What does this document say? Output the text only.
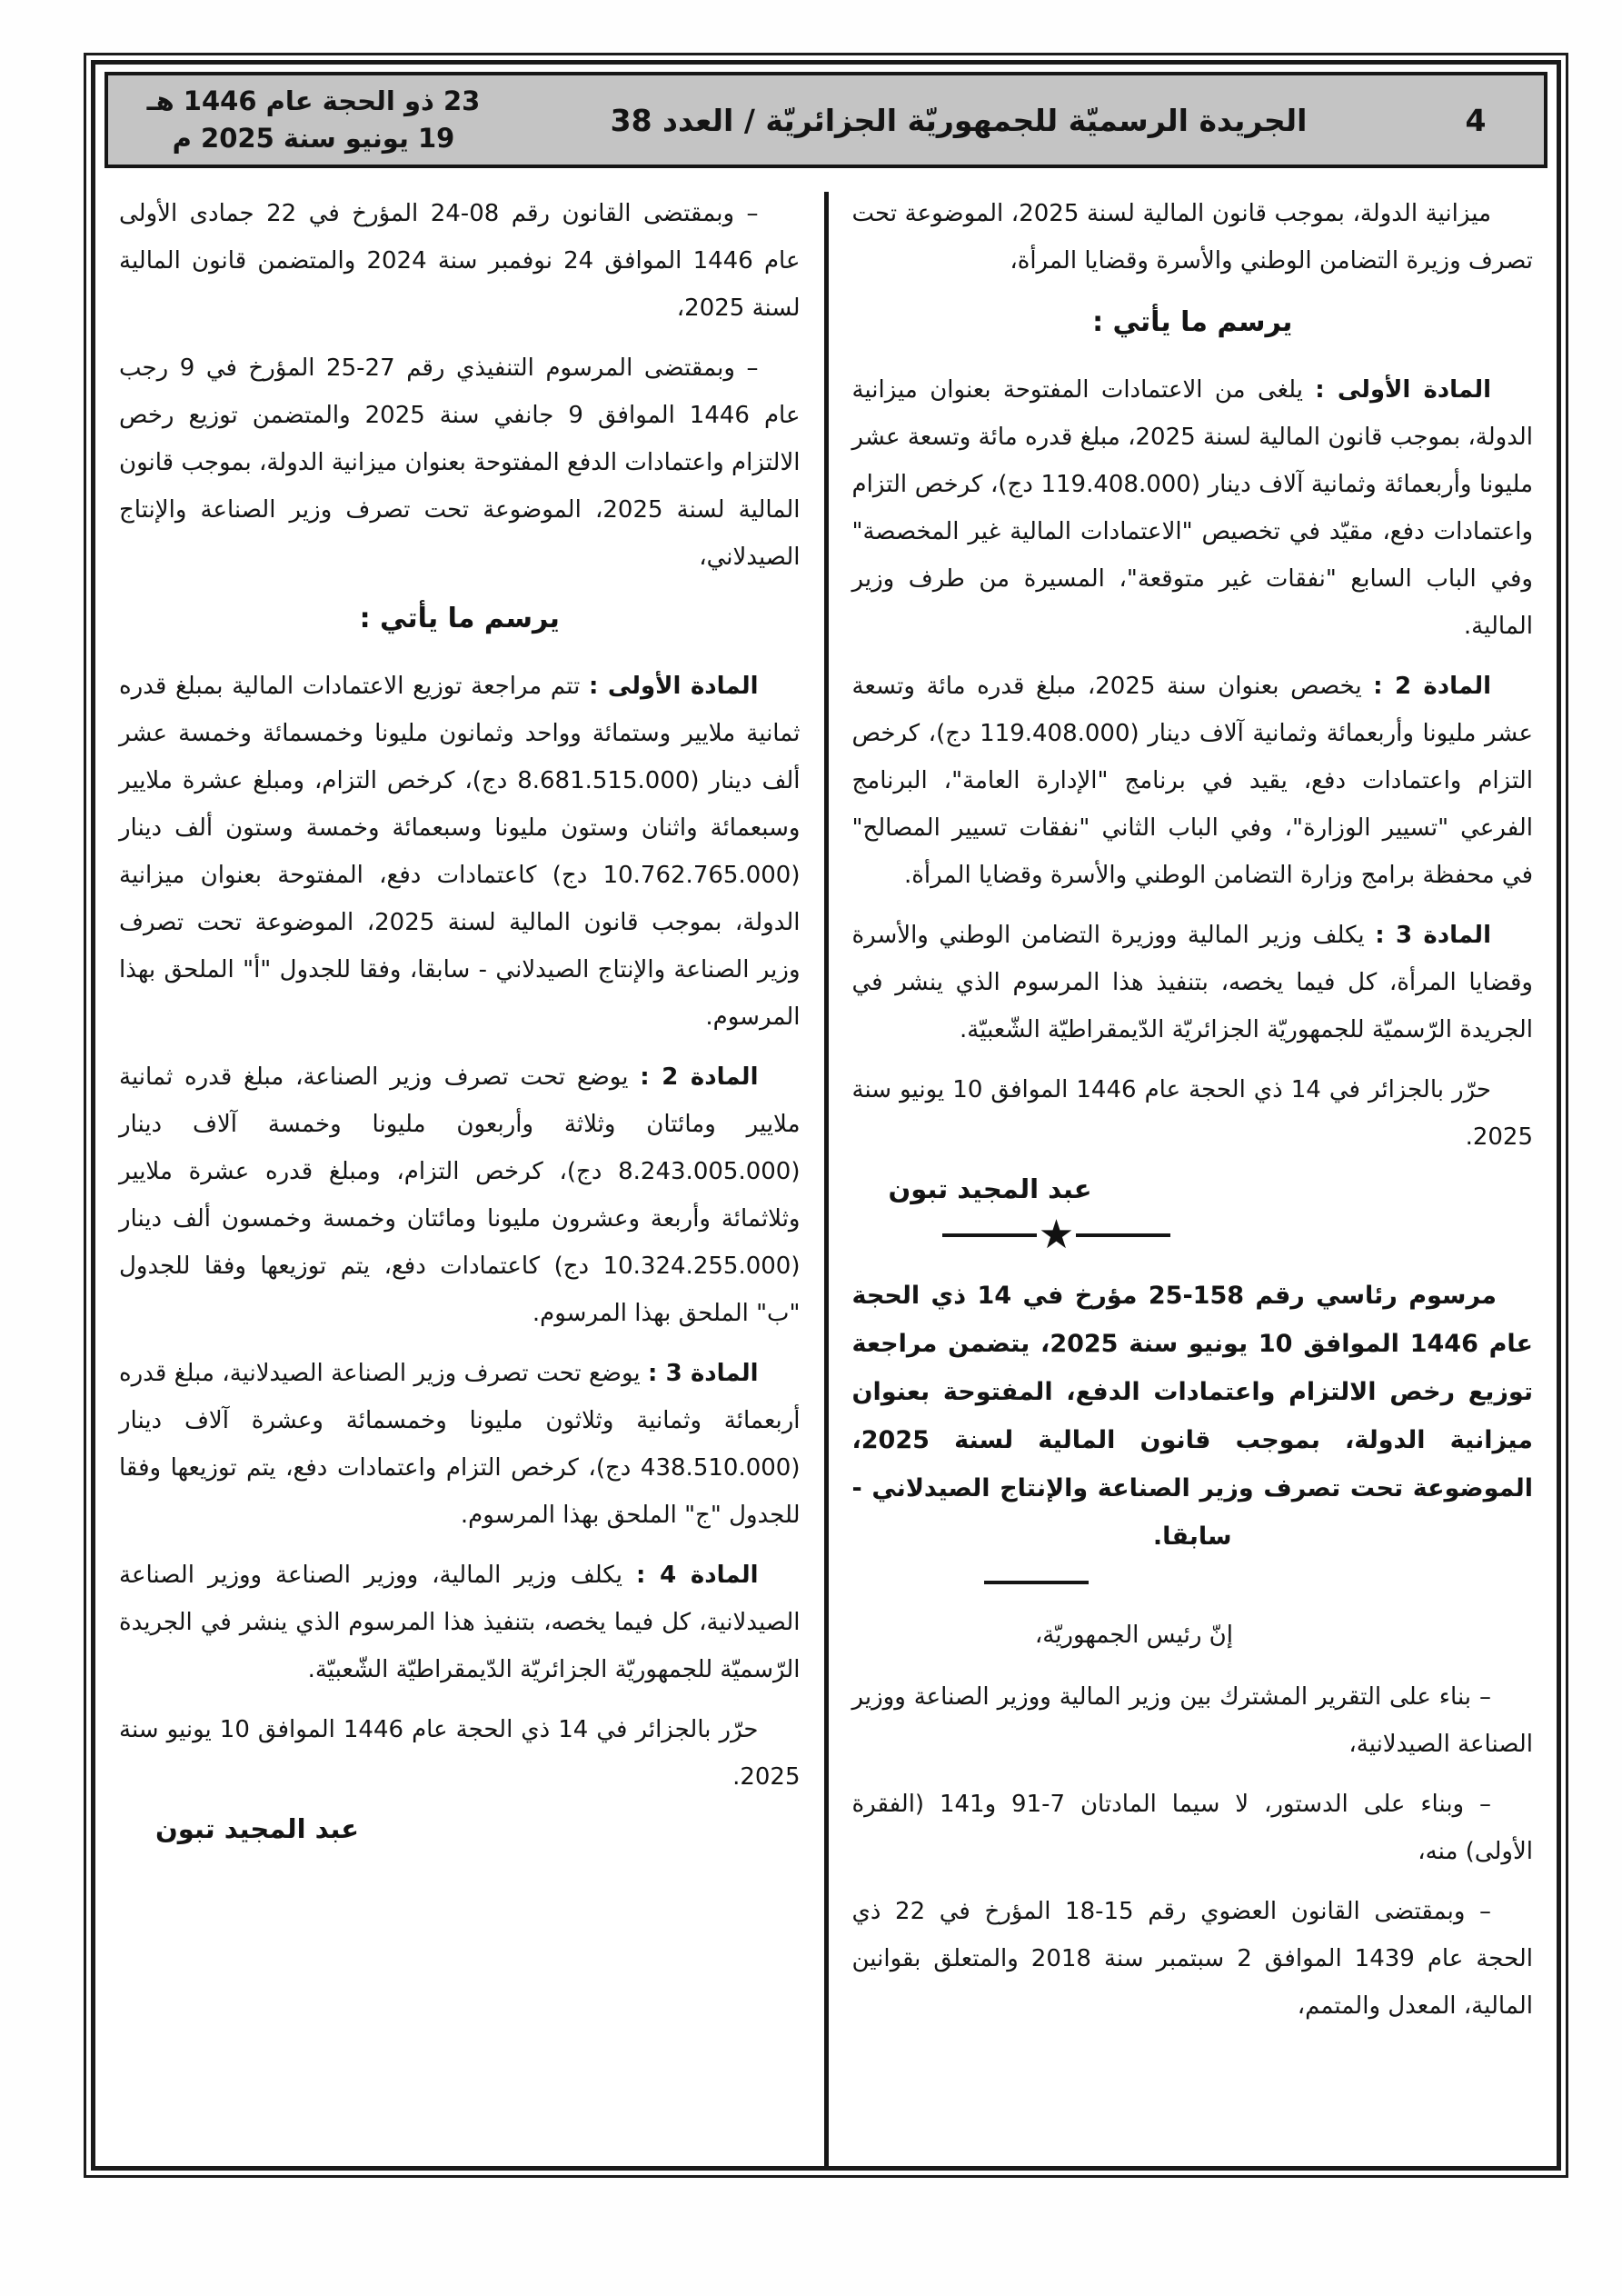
4
الجريدة الرسميّة للجمهوريّة الجزائريّة / العدد 38
23 ذو الحجة عام 1446 هـ
19 يونيو سنة 2025 م

ميزانية الدولة، بموجب قانون المالية لسنة 2025، الموضوعة تحت تصرف وزيرة التضامن الوطني والأسرة وقضايا المرأة،

يرسم ما يأتي :

المادة الأولى : يلغى من الاعتمادات المفتوحة بعنوان ميزانية الدولة، بموجب قانون المالية لسنة 2025، مبلغ قدره مائة وتسعة عشر مليونا وأربعمائة وثمانية آلاف دينار (119.408.000 دج)، كرخص التزام واعتمادات دفع، مقيّد في تخصيص "الاعتمادات المالية غير المخصصة" وفي الباب السابع "نفقات غير متوقعة"، المسيرة من طرف وزير المالية.

المادة 2 : يخصص بعنوان سنة 2025، مبلغ قدره مائة وتسعة عشر مليونا وأربعمائة وثمانية آلاف دينار (119.408.000 دج)، كرخص التزام واعتمادات دفع، يقيد في برنامج "الإدارة العامة"، البرنامج الفرعي "تسيير الوزارة"، وفي الباب الثاني "نفقات تسيير المصالح" في محفظة برامج وزارة التضامن الوطني والأسرة وقضايا المرأة.

المادة 3 : يكلف وزير المالية ووزيرة التضامن الوطني والأسرة وقضايا المرأة، كل فيما يخصه، بتنفيذ هذا المرسوم الذي ينشر في الجريدة الرّسميّة للجمهوريّة الجزائريّة الدّيمقراطيّة الشّعبيّة.

حرّر بالجزائر في 14 ذي الحجة عام 1446 الموافق 10 يونيو سنة 2025.

عبد المجيد تبون

★

مرسوم رئاسي رقم 158-25 مؤرخ في 14 ذي الحجة عام 1446 الموافق 10 يونيو سنة 2025، يتضمن مراجعة توزيع رخص الالتزام واعتمادات الدفع، المفتوحة بعنوان ميزانية الدولة، بموجب قانون المالية لسنة 2025، الموضوعة تحت تصرف وزير الصناعة والإنتاج الصيدلاني - سابقا.

إنّ رئيس الجمهوريّة،

– بناء على التقرير المشترك بين وزير المالية ووزير الصناعة ووزير الصناعة الصيدلانية،

– وبناء على الدستور، لا سيما المادتان 7-91 و141 (الفقرة الأولى) منه،

– وبمقتضى القانون العضوي رقم 15-18 المؤرخ في 22 ذي الحجة عام 1439 الموافق 2 سبتمبر سنة 2018 والمتعلق بقوانين المالية، المعدل والمتمم،

– وبمقتضى القانون رقم 08-24 المؤرخ في 22 جمادى الأولى عام 1446 الموافق 24 نوفمبر سنة 2024 والمتضمن قانون المالية لسنة 2025،

– وبمقتضى المرسوم التنفيذي رقم 27-25 المؤرخ في 9 رجب عام 1446 الموافق 9 جانفي سنة 2025 والمتضمن توزيع رخص الالتزام واعتمادات الدفع المفتوحة بعنوان ميزانية الدولة، بموجب قانون المالية لسنة 2025، الموضوعة تحت تصرف وزير الصناعة والإنتاج الصيدلاني،

يرسم ما يأتي :

المادة الأولى : تتم مراجعة توزيع الاعتمادات المالية بمبلغ قدره ثمانية ملايير وستمائة وواحد وثمانون مليونا وخمسمائة وخمسة عشر ألف دينار (8.681.515.000 دج)، كرخص التزام، ومبلغ عشرة ملايير وسبعمائة واثنان وستون مليونا وسبعمائة وخمسة وستون ألف دينار (10.762.765.000 دج) كاعتمادات دفع، المفتوحة بعنوان ميزانية الدولة، بموجب قانون المالية لسنة 2025، الموضوعة تحت تصرف وزير الصناعة والإنتاج الصيدلاني - سابقا، وفقا للجدول "أ" الملحق بهذا المرسوم.

المادة 2 : يوضع تحت تصرف وزير الصناعة، مبلغ قدره ثمانية ملايير ومائتان وثلاثة وأربعون مليونا وخمسة آلاف دينار (8.243.005.000 دج)، كرخص التزام، ومبلغ قدره عشرة ملايير وثلاثمائة وأربعة وعشرون مليونا ومائتان وخمسة وخمسون ألف دينار (10.324.255.000 دج) كاعتمادات دفع، يتم توزيعها وفقا للجدول "ب" الملحق بهذا المرسوم.

المادة 3 : يوضع تحت تصرف وزير الصناعة الصيدلانية، مبلغ قدره أربعمائة وثمانية وثلاثون مليونا وخمسمائة وعشرة آلاف دينار (438.510.000 دج)، كرخص التزام واعتمادات دفع، يتم توزيعها وفقا للجدول "ج" الملحق بهذا المرسوم.

المادة 4 : يكلف وزير المالية، ووزير الصناعة ووزير الصناعة الصيدلانية، كل فيما يخصه، بتنفيذ هذا المرسوم الذي ينشر في الجريدة الرّسميّة للجمهوريّة الجزائريّة الدّيمقراطيّة الشّعبيّة.

حرّر بالجزائر في 14 ذي الحجة عام 1446 الموافق 10 يونيو سنة 2025.

عبد المجيد تبون
